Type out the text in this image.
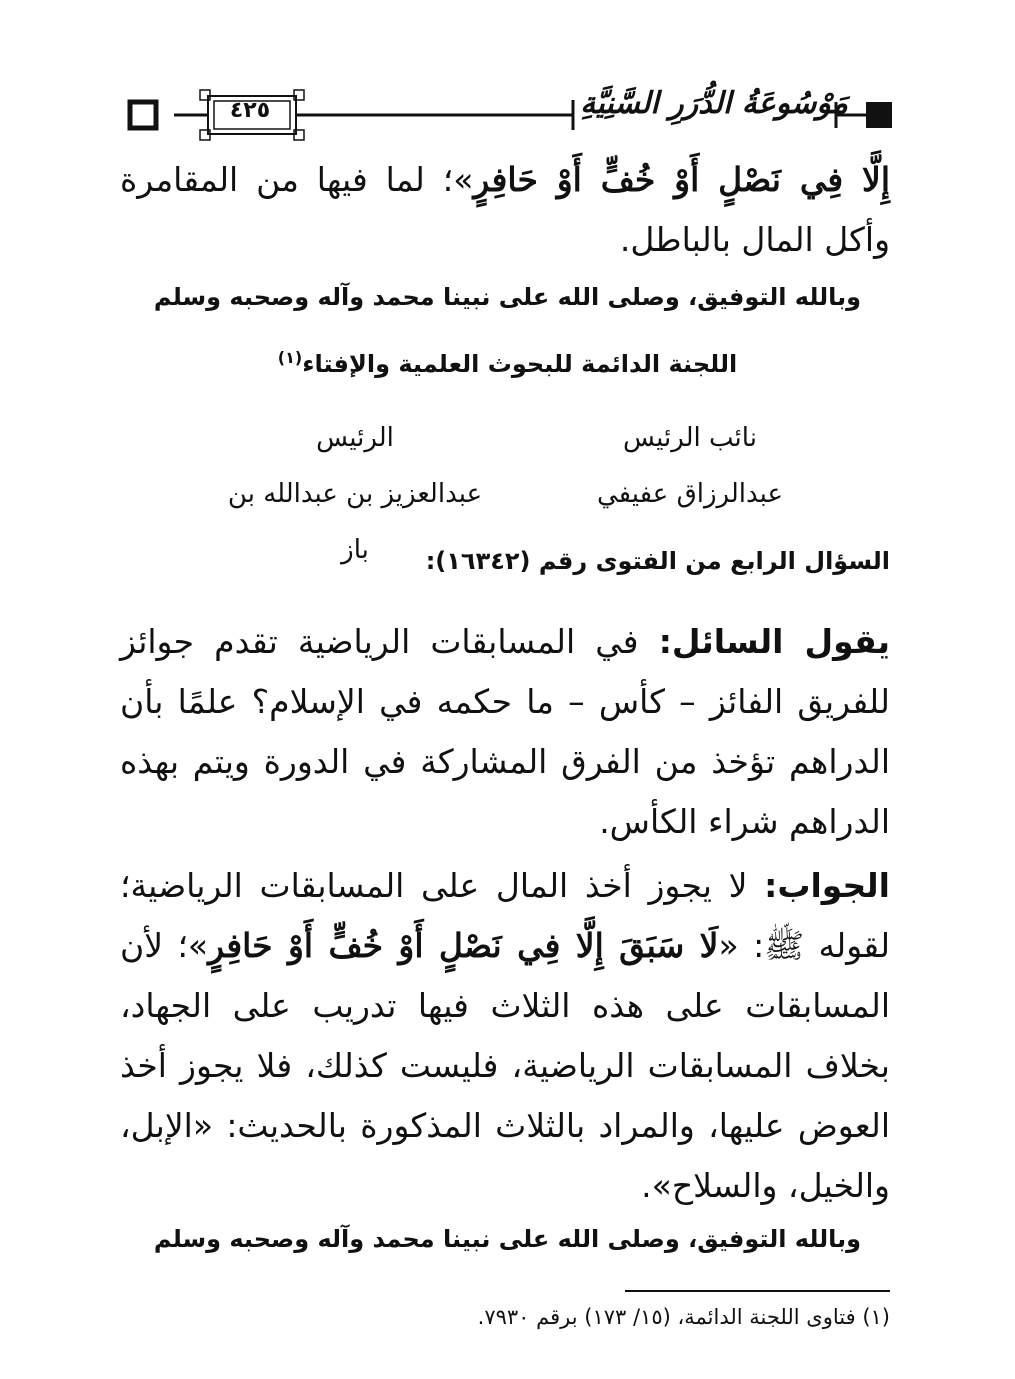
مَوْسُوعَةُ الدُّرَرِ السَّنِيَّةِ
٤٢٥
إِلَّا فِي نَصْلٍ أَوْ خُفٍّ أَوْ حَافِرٍ»؛ لما فيها من المقامرة وأكل المال بالباطل.
وبالله التوفيق، وصلى الله على نبينا محمد وآله وصحبه وسلم
اللجنة الدائمة للبحوث العلمية والإفتاء$^{(١)}$
نائب الرئيس
عبدالرزاق عفيفي
الرئيس
عبدالعزيز بن عبدالله بن باز	السؤال الرابع من الفتوى رقم (١٦٣٤٢):
يقول السائل: في المسابقات الرياضية تقدم جوائز للفريق الفائز – كأس – ما حكمه في الإسلام؟ علمًا بأن الدراهم تؤخذ من الفرق المشاركة في الدورة ويتم بهذه الدراهم شراء الكأس.
الجواب: لا يجوز أخذ المال على المسابقات الرياضية؛ لقوله ﷺ: «لَا سَبَقَ إِلَّا فِي نَصْلٍ أَوْ خُفٍّ أَوْ حَافِرٍ»؛ لأن المسابقات على هذه الثلاث فيها تدريب على الجهاد، بخلاف المسابقات الرياضية، فليست كذلك، فلا يجوز أخذ العوض عليها، والمراد بالثلاث المذكورة بالحديث: «الإبل، والخيل، والسلاح».
وبالله التوفيق، وصلى الله على نبينا محمد وآله وصحبه وسلم
(١) فتاوى اللجنة الدائمة، (١٥/ ١٧٣) برقم ٧٩٣٠.
